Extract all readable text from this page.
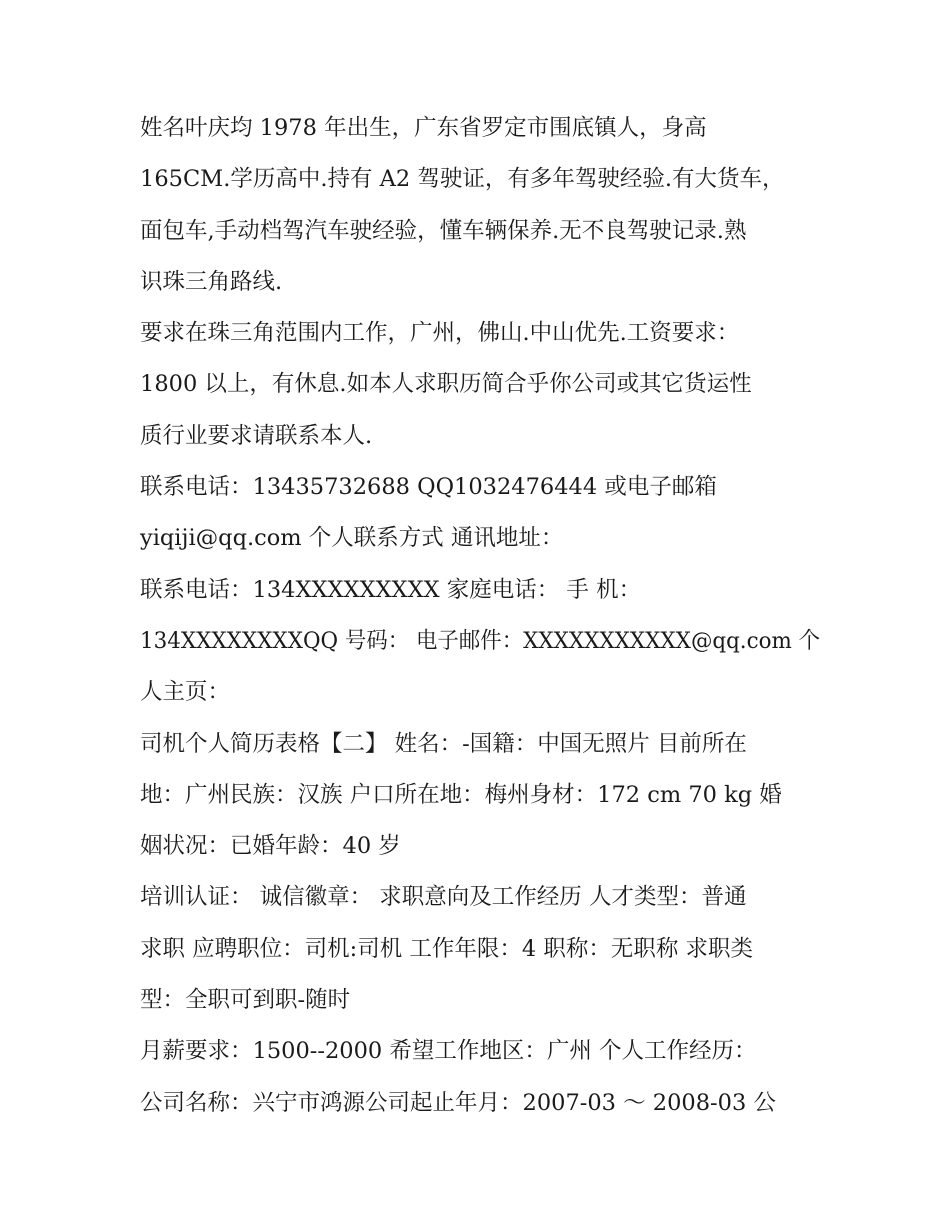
姓名叶庆均 1978 年出生，广东省罗定市围底镇人，身高
165CM.学历高中.持有 A2 驾驶证，有多年驾驶经验.有大货车，
面包车,手动档驾汽车驶经验，懂车辆保养.无不良驾驶记录.熟
识珠三角路线.
要求在珠三角范围内工作，广州，佛山.中山优先.工资要求：
1800 以上，有休息.如本人求职历简合乎你公司或其它货运性
质行业要求请联系本人.
联系电话：13435732688 QQ1032476444 或电子邮箱
yiqiji@qq.com 个人联系方式 通讯地址：
联系电话：134XXXXXXXXX 家庭电话： 手 机：
134XXXXXXXXQQ 号码： 电子邮件：XXXXXXXXXXX@qq.com 个
人主页：
司机个人简历表格【二】 姓名：-国籍：中国无照片 目前所在
地：广州民族：汉族 户口所在地：梅州身材：172 cm 70 kg 婚
姻状况：已婚年龄：40 岁
培训认证： 诚信徽章： 求职意向及工作经历 人才类型：普通
求职 应聘职位：司机:司机 工作年限：4 职称：无职称 求职类
型：全职可到职-随时
月薪要求：1500--2000 希望工作地区：广州 个人工作经历：
公司名称：兴宁市鸿源公司起止年月：2007-03 ～ 2008-03 公
